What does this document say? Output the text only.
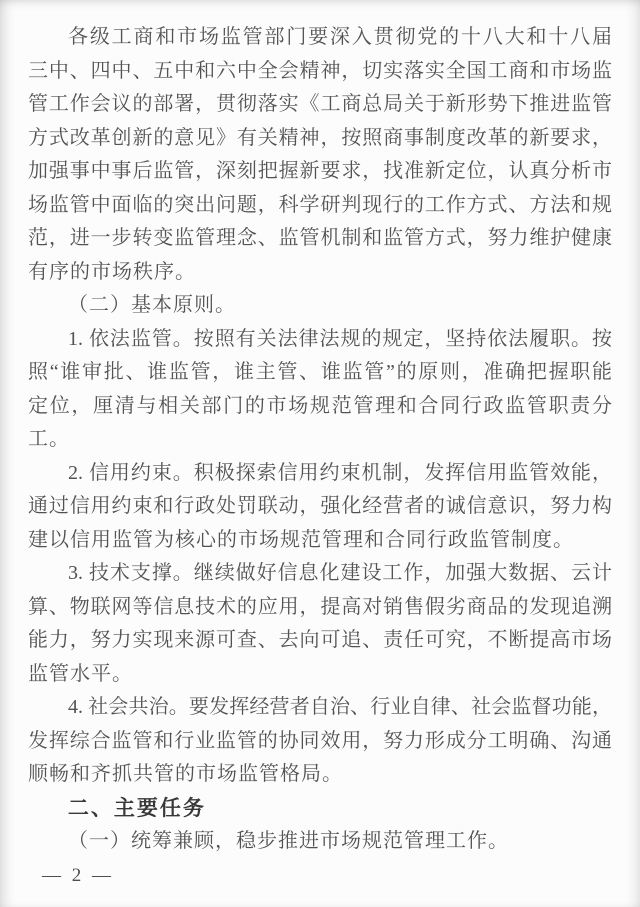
各级工商和市场监管部门要深入贯彻党的十八大和十八届
三中、四中、五中和六中全会精神，切实落实全国工商和市场监
管工作会议的部署，贯彻落实《工商总局关于新形势下推进监管
方式改革创新的意见》有关精神，按照商事制度改革的新要求，
加强事中事后监管，深刻把握新要求，找准新定位，认真分析市
场监管中面临的突出问题，科学研判现行的工作方式、方法和规
范，进一步转变监管理念、监管机制和监管方式，努力维护健康
有序的市场秩序。
（二）基本原则。
1. 依法监管。按照有关法律法规的规定，坚持依法履职。按
照“谁审批、谁监管，谁主管、谁监管”的原则，准确把握职能
定位，厘清与相关部门的市场规范管理和合同行政监管职责分
工。
2. 信用约束。积极探索信用约束机制，发挥信用监管效能，
通过信用约束和行政处罚联动，强化经营者的诚信意识，努力构
建以信用监管为核心的市场规范管理和合同行政监管制度。
3. 技术支撑。继续做好信息化建设工作，加强大数据、云计
算、物联网等信息技术的应用，提高对销售假劣商品的发现追溯
能力，努力实现来源可查、去向可追、责任可究，不断提高市场
监管水平。
4. 社会共治。要发挥经营者自治、行业自律、社会监督功能，
发挥综合监管和行业监管的协同效用，努力形成分工明确、沟通
顺畅和齐抓共管的市场监管格局。
二、主要任务
（一）统筹兼顾，稳步推进市场规范管理工作。
— 2 —
